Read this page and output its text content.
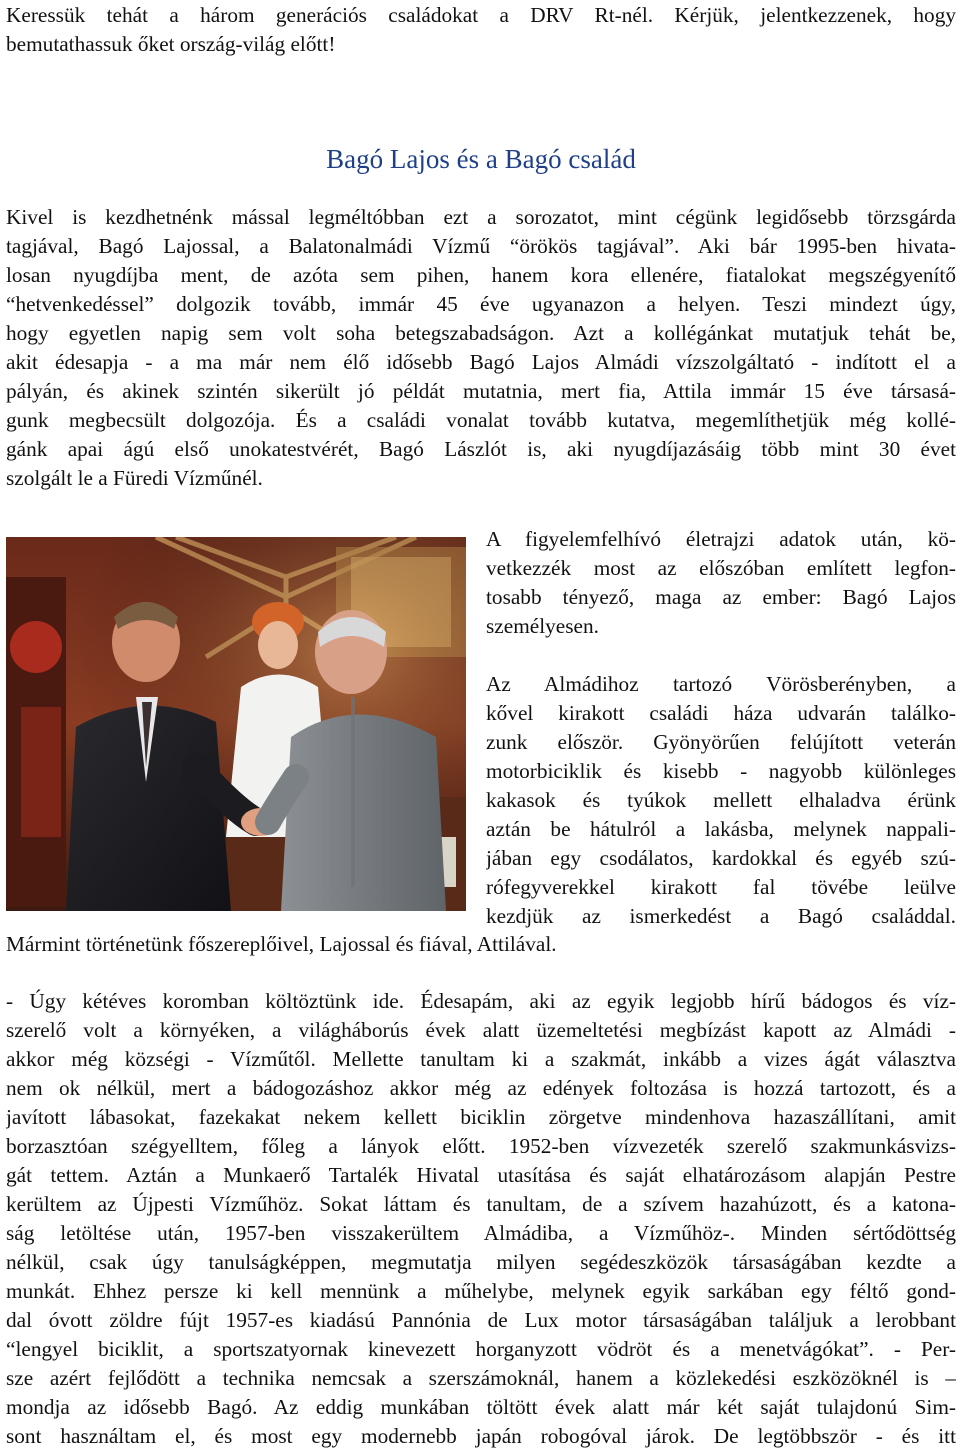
Keressük tehát a három generációs családokat a DRV Rt-nél. Kérjük, jelentkezzenek, hogy
bemutathassuk őket ország-világ előtt!
Bagó Lajos és a Bagó család
Kivel is kezdhetnénk mással legméltóbban ezt a sorozatot, mint cégünk legidősebb törzsgárda
tagjával, Bagó Lajossal, a Balatonalmádi Vízmű “örökös tagjával”. Aki bár 1995-ben hivata-
losan nyugdíjba ment, de azóta sem pihen, hanem kora ellenére, fiatalokat megszégyenítő
“hetvenkedéssel” dolgozik tovább, immár 45 éve ugyanazon a helyen. Teszi mindezt úgy,
hogy egyetlen napig sem volt soha betegszabadságon. Azt a kollégánkat mutatjuk tehát be,
akit édesapja - a ma már nem élő idősebb Bagó Lajos Almádi vízszolgáltató - indított el a
pályán, és akinek szintén sikerült jó példát mutatnia, mert fia, Attila immár 15 éve társasá-
gunk megbecsült dolgozója. És a családi vonalat tovább kutatva, megemlíthetjük még kollé-
gánk apai ágú első unokatestvérét, Bagó Lászlót is, aki nyugdíjazásáig több mint 30 évet
szolgált le a Füredi Vízműnél.
A figyelemfelhívó életrajzi adatok után, kö-
vetkezzék most az előszóban említett legfon-
tosabb tényező, maga az ember: Bagó Lajos
személyesen.
Az Almádihoz tartozó Vörösberényben, a
kővel kirakott családi háza udvarán találko-
zunk először. Gyönyörűen felújított veterán
motorbiciklik és kisebb - nagyobb különleges
kakasok és tyúkok mellett elhaladva érünk
aztán be hátulról a lakásba, melynek nappali-
jában egy csodálatos, kardokkal és egyéb szú-
rófegyverekkel kirakott fal tövébe leülve
kezdjük az ismerkedést a Bagó családdal.
Mármint történetünk főszereplőivel, Lajossal és fiával, Attilával.
- Úgy kétéves koromban költöztünk ide. Édesapám, aki az egyik legjobb hírű bádogos és víz-
szerelő volt a környéken, a világháborús évek alatt üzemeltetési megbízást kapott az Almádi -
akkor még községi - Vízműtől. Mellette tanultam ki a szakmát, inkább a vizes ágát választva
nem ok nélkül, mert a bádogozáshoz akkor még az edények foltozása is hozzá tartozott, és a
javított lábasokat, fazekakat nekem kellett biciklin zörgetve mindenhova hazaszállítani, amit
borzasztóan szégyelltem, főleg a lányok előtt. 1952-ben vízvezeték szerelő szakmunkásvizs-
gát tettem. Aztán a Munkaerő Tartalék Hivatal utasítása és saját elhatározásom alapján Pestre
kerültem az Újpesti Vízműhöz. Sokat láttam és tanultam, de a szívem hazahúzott, és a katona-
ság letöltése után, 1957-ben visszakerültem Almádiba, a Vízműhöz-. Minden sértődöttség
nélkül, csak úgy tanulságképpen, megmutatja milyen segédeszközök társaságában kezdte a
munkát. Ehhez persze ki kell mennünk a műhelybe, melynek egyik sarkában egy féltő gond-
dal óvott zöldre fújt 1957-es kiadású Pannónia de Lux motor társaságában találjuk a lerobbant
“lengyel biciklit, a sportszatyornak kinevezett horganyzott vödröt és a menetvágókat”. - Per-
sze azért fejlődött a technika nemcsak a szerszámoknál, hanem a közlekedési eszközöknél is –
mondja az idősebb Bagó. Az eddig munkában töltött évek alatt már két saját tulajdonú Sim-
sont használtam el, és most egy modernebb japán robogóval járok. De legtöbbször - és itt
